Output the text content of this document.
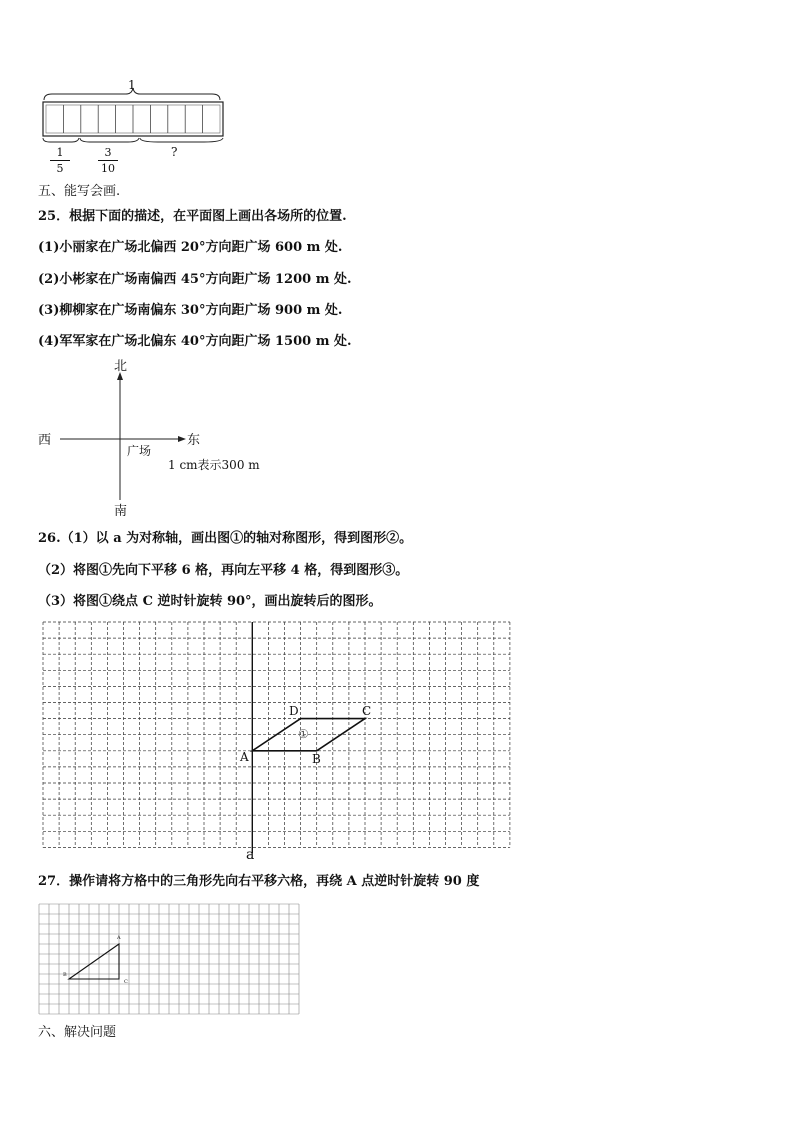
1
1
5
3
10
?
五、能写会画.
25．根据下面的描述，在平面图上画出各场所的位置.
(1)小丽家在广场北偏西 20°方向距广场 600 m 处.
(2)小彬家在广场南偏西 45°方向距广场 1200 m 处.
(3)柳柳家在广场南偏东 30°方向距广场 900 m 处.
(4)军军家在广场北偏东 40°方向距广场 1500 m 处.
北
西	东
南
广场
1 cm表示300 m
26.（1）以 a 为对称轴，画出图①的轴对称图形，得到图形②。
（2）将图①先向下平移 6 格，再向左平移 4 格，得到图形③。
（3）将图①绕点 C 逆时针旋转 90°，画出旋转后的图形。
D	C
A	B
①
a
27．操作请将方格中的三角形先向右平移六格，再绕 A 点逆时针旋转 90 度
A
B
C
六、解决问题
